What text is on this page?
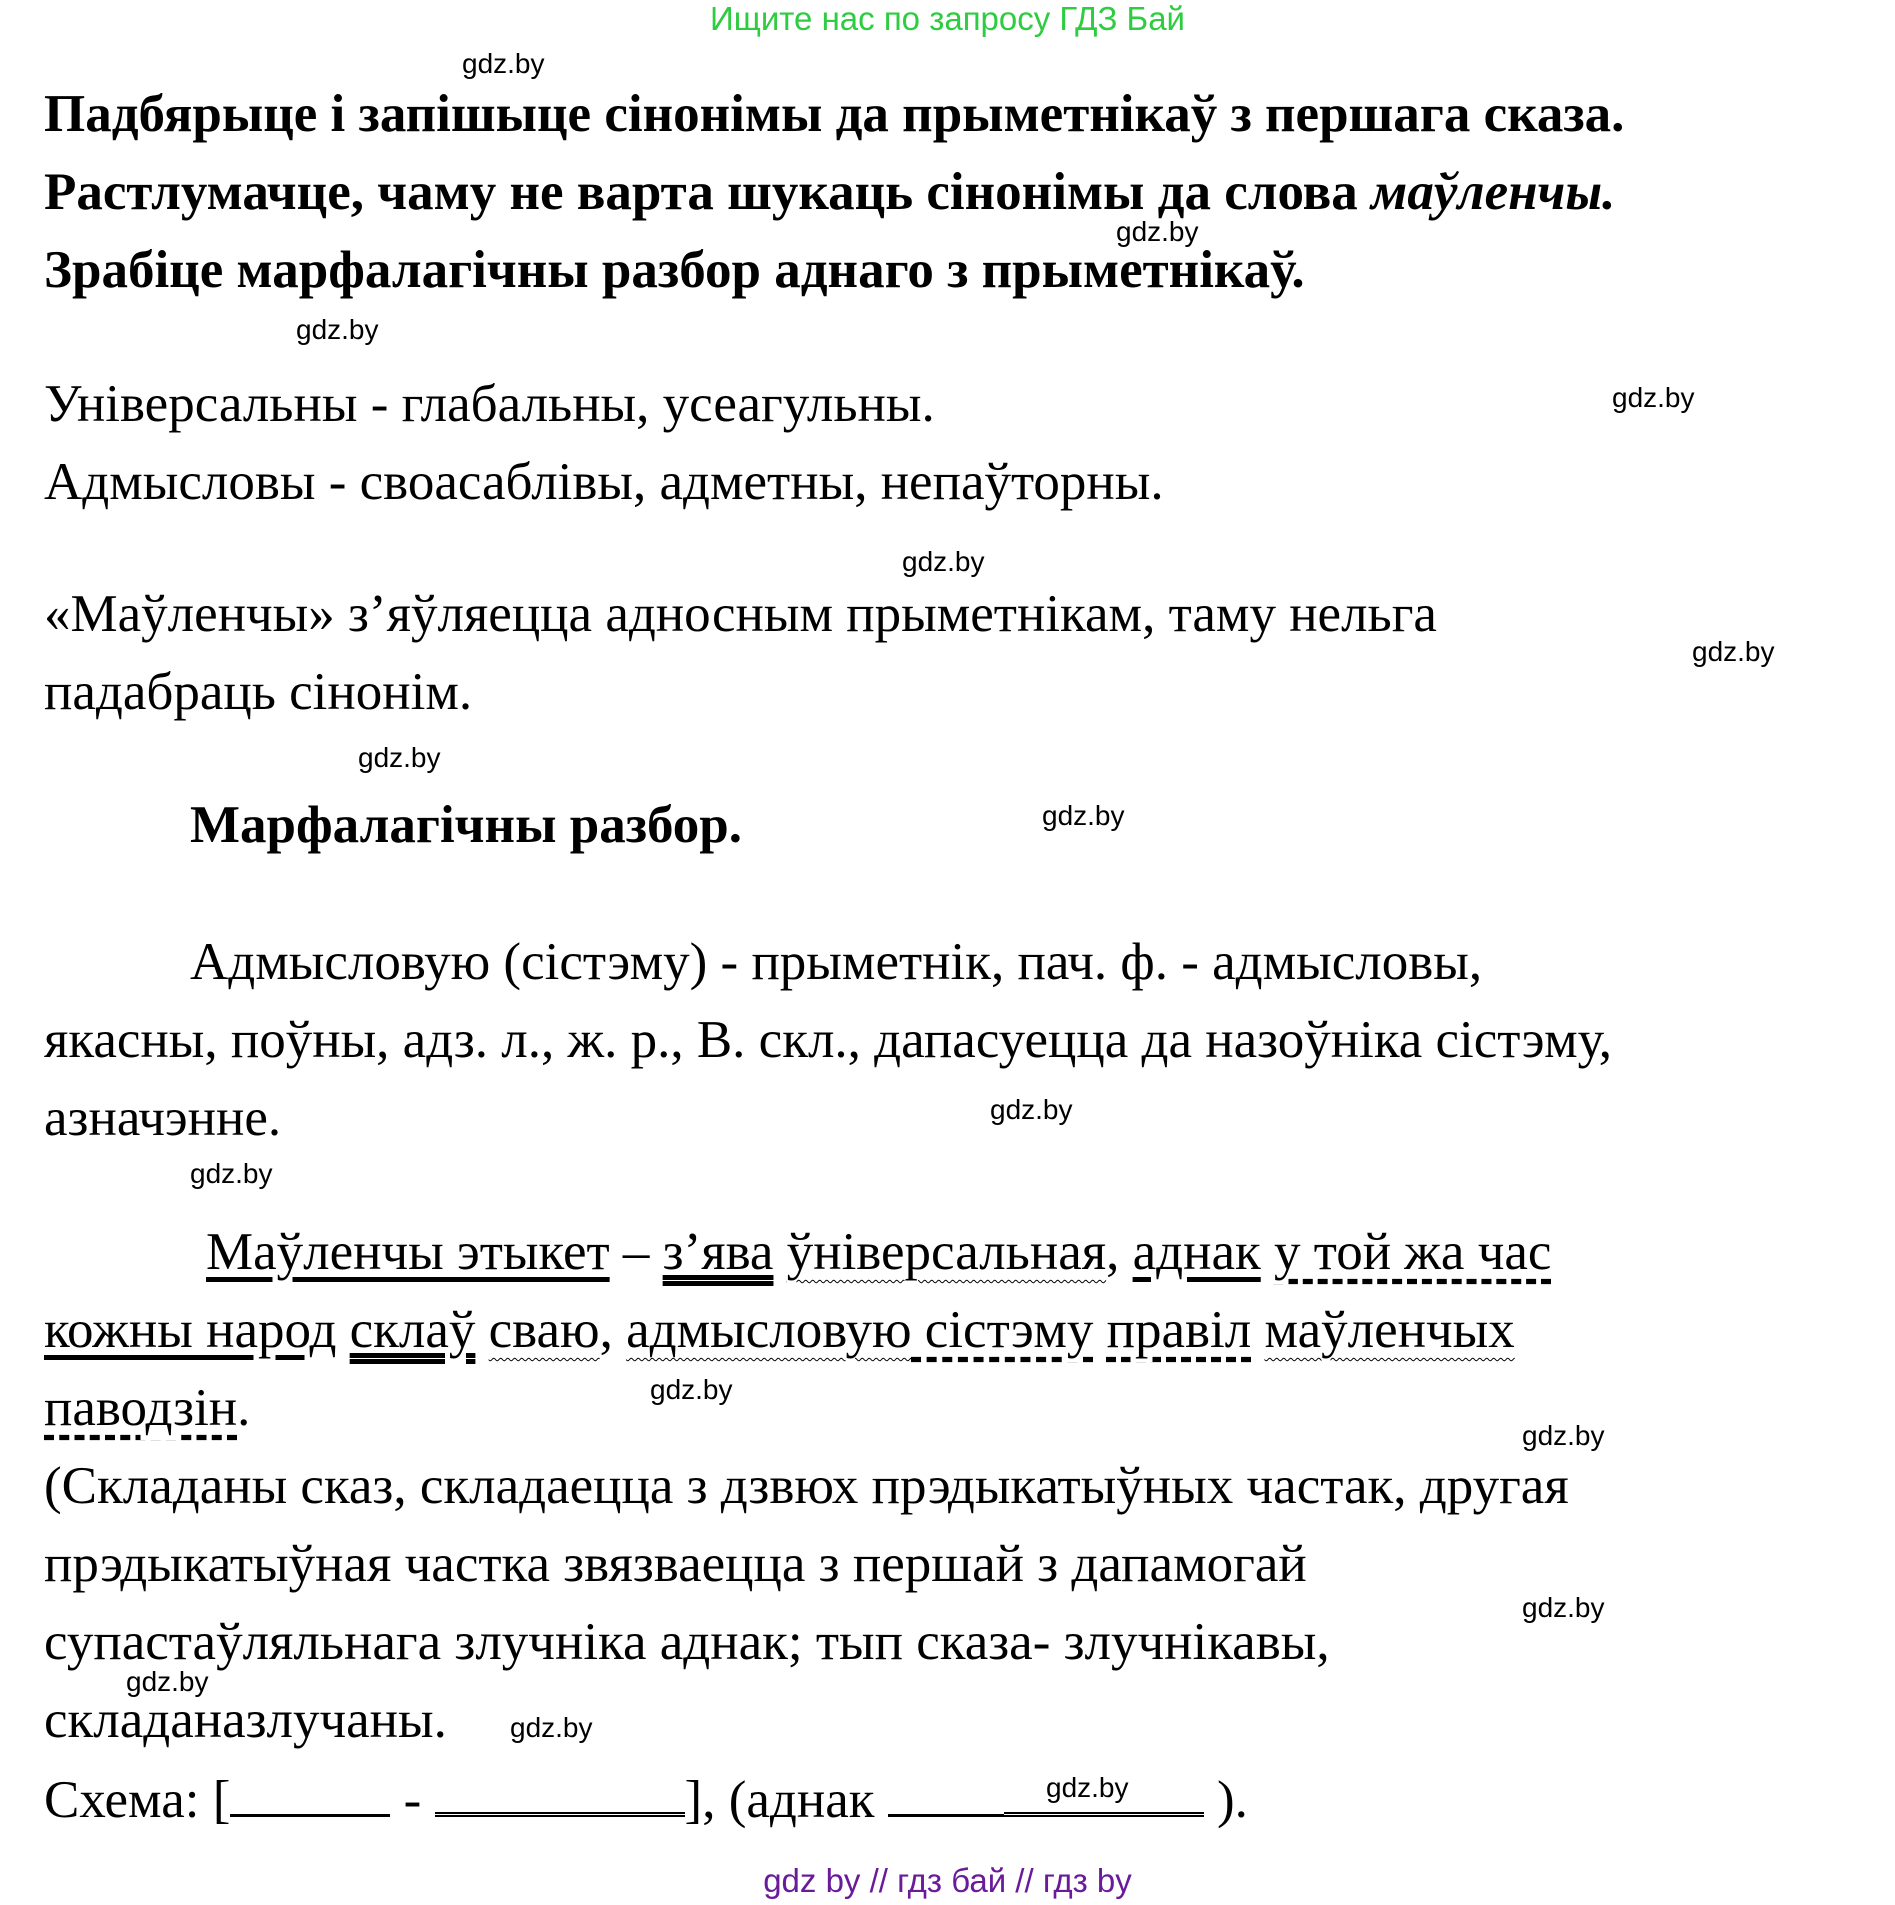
Ищите нас по запросу ГДЗ Бай
Падбярыце і запішыце сінонімы да прыметнікаў з першага сказа.
Растлумачце, чаму не варта шукаць сінонімы да слова маўленчы.
Зрабіце марфалагічны разбор аднаго з прыметнікаў.
Універсальны - глабальны, усеагульны.
Адмысловы - своасаблівы, адметны, непаўторны.
«Маўленчы» з’яўляецца адносным прыметнікам, таму нельга
падабраць сінонім.
Марфалагічны разбор.
Адмысловую (сістэму) - прыметнік, пач. ф. - адмысловы,
якасны, поўны, адз. л., ж. р., В. скл., дапасуецца да назоўніка сістэму,
азначэнне.
Маўленчы этыкет – з’ява ўніверсальная, аднак у той жа час
кожны народ склаў сваю, адмысловую сістэму правіл маўленчых
паводзін.
(Складаны сказ, складаецца з дзвюх прэдыкатыўных частак, другая
прэдыкатыўная частка звязваецца з першай з дапамогай
супастаўляльнага злучніка аднак; тып сказа- злучнікавы,
складаназлучаны.
Схема: [	-	], (аднак	).
gdz.by
gdz.by
gdz.by
gdz.by
gdz.by
gdz.by
gdz.by
gdz.by
gdz.by
gdz.by
gdz.by
gdz.by
gdz.by
gdz.by
gdz.by
gdz.by
gdz by // гдз бай // гдз by
